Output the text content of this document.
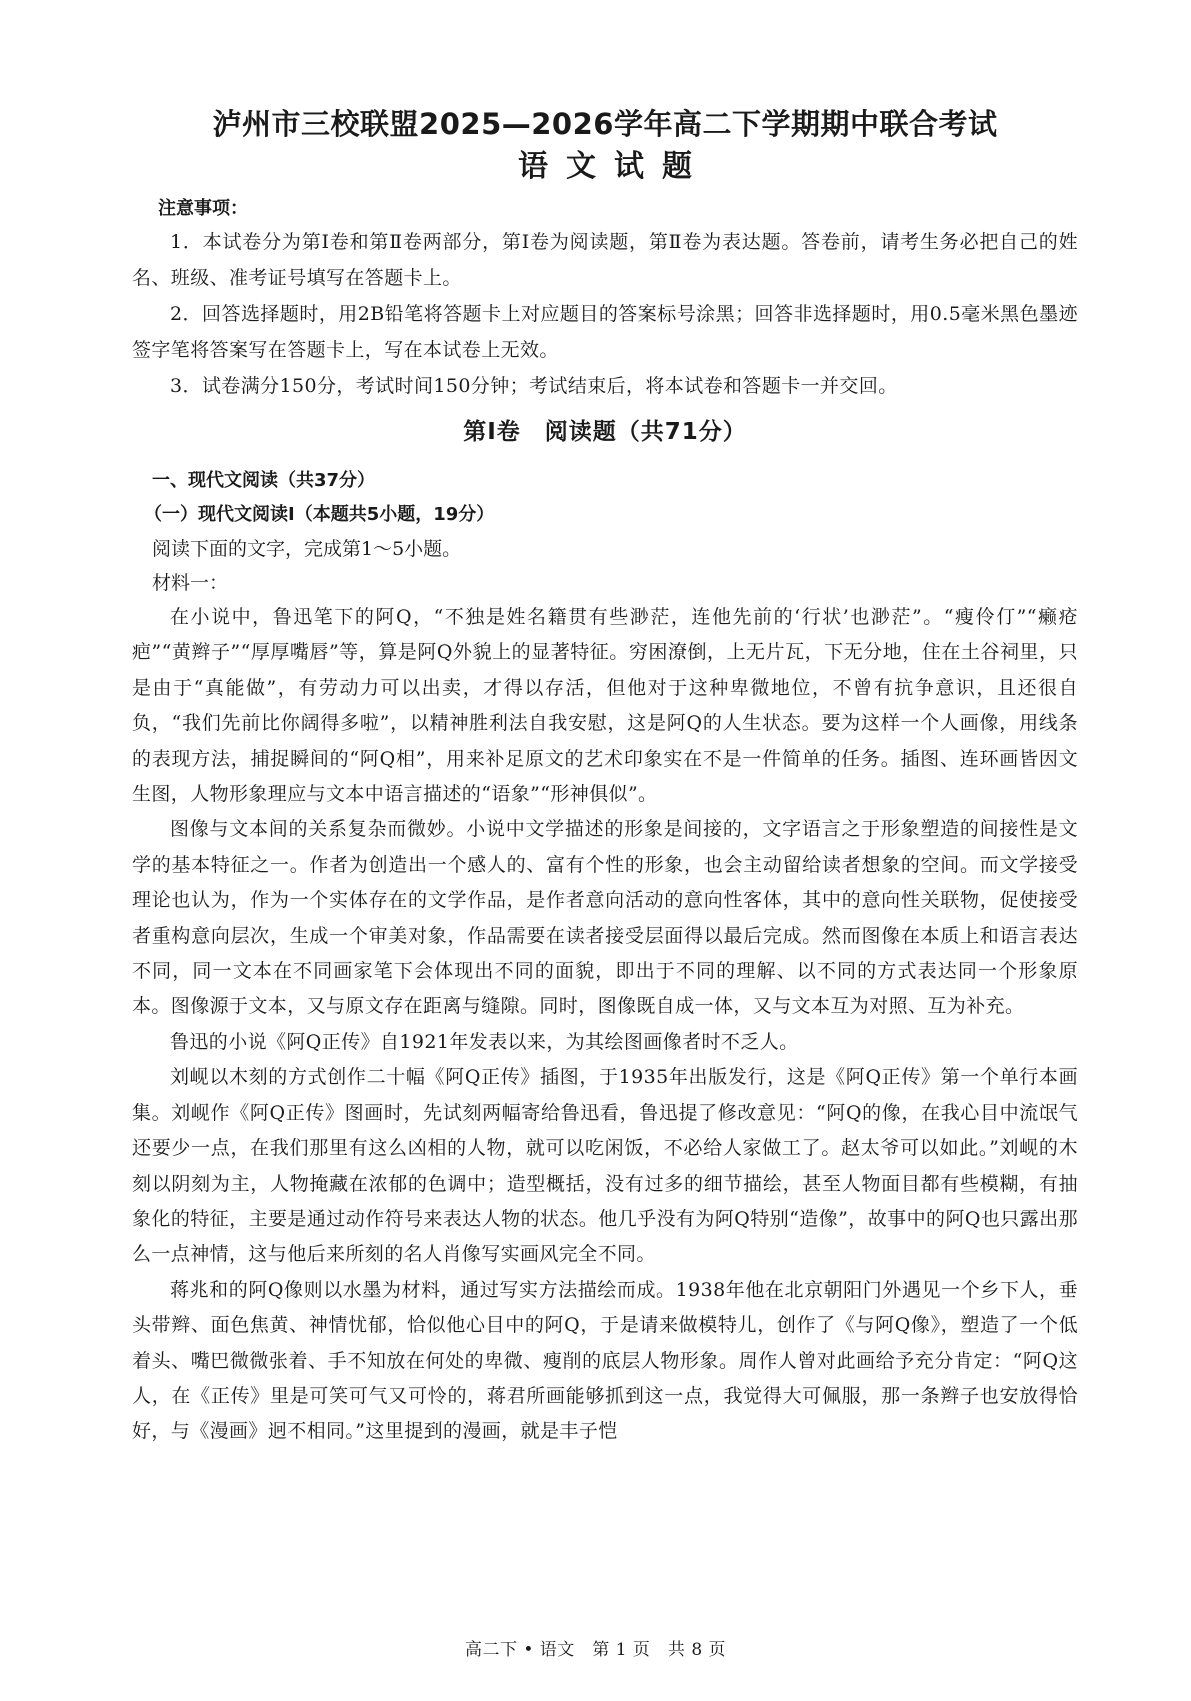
泸州市三校联盟2025—2026学年高二下学期期中联合考试
语文试题
注意事项：

1．本试卷分为第Ⅰ卷和第Ⅱ卷两部分，第Ⅰ卷为阅读题，第Ⅱ卷为表达题。答卷前，请考生务必把自己的姓名、班级、准考证号填写在答题卡上。

2．回答选择题时，用2B铅笔将答题卡上对应题目的答案标号涂黑；回答非选择题时，用0.5毫米黑色墨迹签字笔将答案写在答题卡上，写在本试卷上无效。

3．试卷满分150分，考试时间150分钟；考试结束后，将本试卷和答题卡一并交回。

第Ⅰ卷　阅读题（共71分）
一、现代文阅读（共37分）
（一）现代文阅读Ⅰ（本题共5小题，19分）
阅读下面的文字，完成第1～5小题。
材料一：

在小说中，鲁迅笔下的阿Q，“不独是姓名籍贯有些渺茫，连他先前的‘行状’也渺茫”。“瘦伶仃”“癞疮疤”“黄辫子”“厚厚嘴唇”等，算是阿Q外貌上的显著特征。穷困潦倒，上无片瓦，下无分地，住在土谷祠里，只是由于“真能做”，有劳动力可以出卖，才得以存活，但他对于这种卑微地位，不曾有抗争意识，且还很自负，“我们先前比你阔得多啦”，以精神胜利法自我安慰，这是阿Q的人生状态。要为这样一个人画像，用线条的表现方法，捕捉瞬间的“阿Q相”，用来补足原文的艺术印象实在不是一件简单的任务。插图、连环画皆因文生图，人物形象理应与文本中语言描述的“语象”“形神俱似”。

图像与文本间的关系复杂而微妙。小说中文学描述的形象是间接的，文字语言之于形象塑造的间接性是文学的基本特征之一。作者为创造出一个感人的、富有个性的形象，也会主动留给读者想象的空间。而文学接受理论也认为，作为一个实体存在的文学作品，是作者意向活动的意向性客体，其中的意向性关联物，促使接受者重构意向层次，生成一个审美对象，作品需要在读者接受层面得以最后完成。然而图像在本质上和语言表达不同，同一文本在不同画家笔下会体现出不同的面貌，即出于不同的理解、以不同的方式表达同一个形象原本。图像源于文本，又与原文存在距离与缝隙。同时，图像既自成一体，又与文本互为对照、互为补充。

鲁迅的小说《阿Q正传》自1921年发表以来，为其绘图画像者时不乏人。

刘岘以木刻的方式创作二十幅《阿Q正传》插图，于1935年出版发行，这是《阿Q正传》第一个单行本画集。刘岘作《阿Q正传》图画时，先试刻两幅寄给鲁迅看，鲁迅提了修改意见：“阿Q的像，在我心目中流氓气还要少一点，在我们那里有这么凶相的人物，就可以吃闲饭，不必给人家做工了。赵太爷可以如此。”刘岘的木刻以阴刻为主，人物掩藏在浓郁的色调中；造型概括，没有过多的细节描绘，甚至人物面目都有些模糊，有抽象化的特征，主要是通过动作符号来表达人物的状态。他几乎没有为阿Q特别“造像”，故事中的阿Q也只露出那么一点神情，这与他后来所刻的名人肖像写实画风完全不同。

蒋兆和的阿Q像则以水墨为材料，通过写实方法描绘而成。1938年他在北京朝阳门外遇见一个乡下人，垂头带辫、面色焦黄、神情忧郁，恰似他心目中的阿Q，于是请来做模特儿，创作了《与阿Q像》，塑造了一个低着头、嘴巴微微张着、手不知放在何处的卑微、瘦削的底层人物形象。周作人曾对此画给予充分肯定：“阿Q这人，在《正传》里是可笑可气又可怜的，蒋君所画能够抓到这一点，我觉得大可佩服，那一条辫子也安放得恰好，与《漫画》迥不相同。”这里提到的漫画，就是丰子恺

高二下 • 语文　第 1 页　共 8 页
